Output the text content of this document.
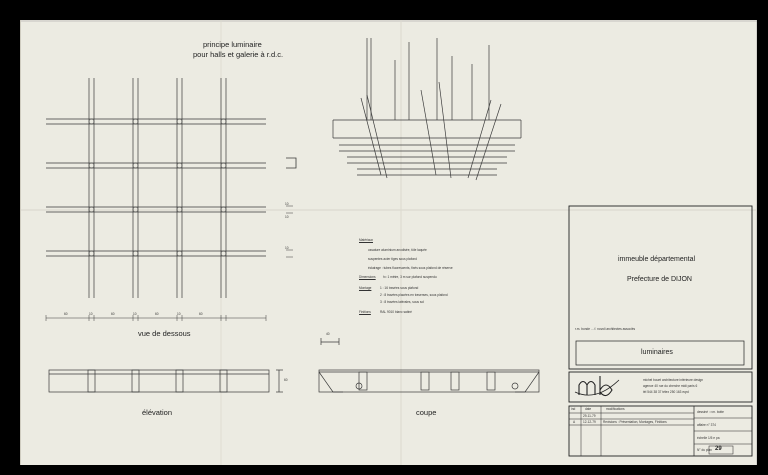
principe luminaire
pour halls et galerie à r.d.c.
vue de dessous
élévation	coupe
60	10	60	10	60	10	60
10
10
10
60
40
Matériaux
ossature aluminium anodisée, tôle laquée
suspentes acier tiges sous plafond
éclairage : tubes fluorescents, fixés sous plafond de réserve
Dimensions h= 1 mètre, 3 m sur plafond suspendu
Montage	1 : 16 travées sous plafond
2 : 8 travées placées en traverses, sous plafond
3 : 8 travées latérales, sous sol
Finitions	RAL 9010 blanc satiné
immeuble départemental
Prefecture de DIJON
r.m. bonde ... f. novoli architectes associés
luminaires
michel bouet architecture intérieure design
agence 40 rue du cherche midi paris 6
tél 544 38 37 télex 250 163 eqrd
ind	date	modifications
29-11-79
A 12-12-79 Revisions : Présentation, Montages, Finitions
dessiné : r.m. botte
affaire n° 374
échelle 1/5 e pa
N° du plan 29
